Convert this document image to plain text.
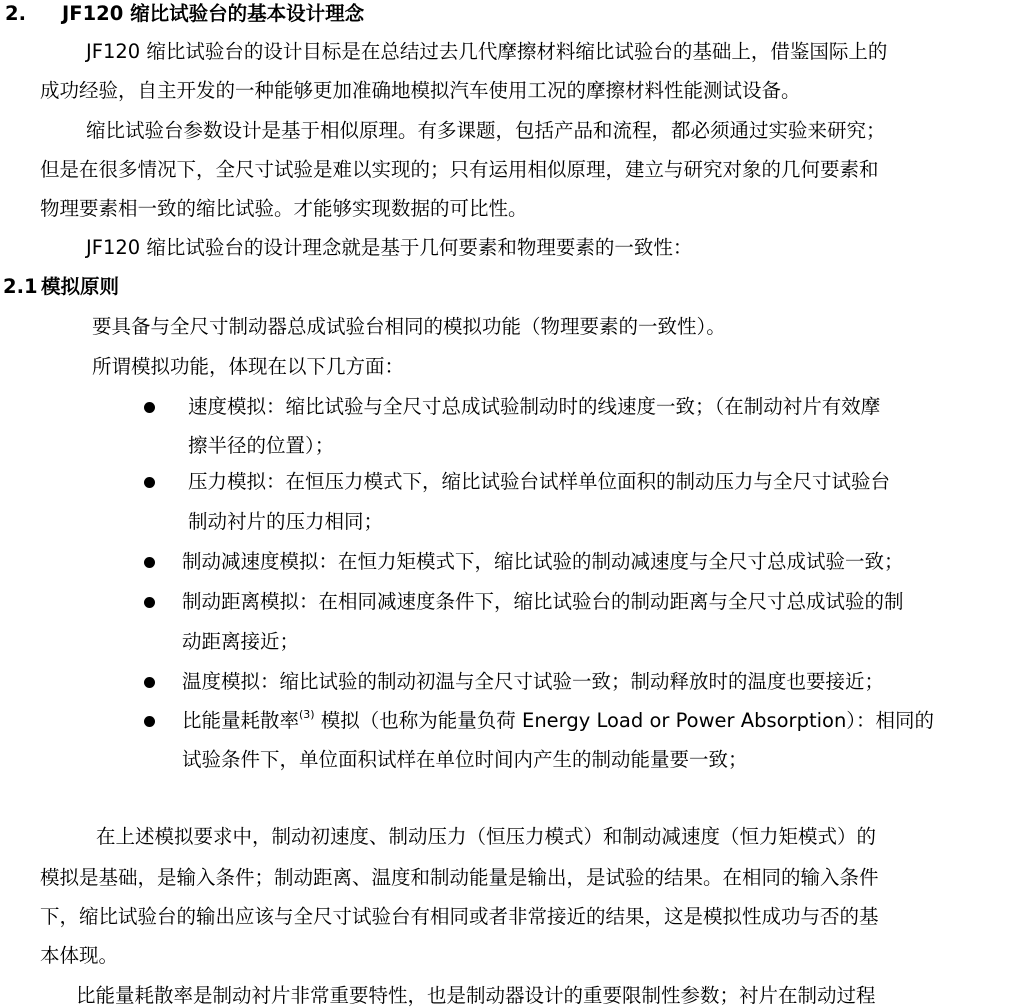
2. JF120 缩比试验台的基本设计理念
JF120 缩比试验台的设计目标是在总结过去几代摩擦材料缩比试验台的基础上，借鉴国际上的
成功经验，自主开发的一种能够更加准确地模拟汽车使用工况的摩擦材料性能测试设备。
缩比试验台参数设计是基于相似原理。有多课题，包括产品和流程，都必须通过实验来研究；
但是在很多情况下，全尺寸试验是难以实现的；只有运用相似原理，建立与研究对象的几何要素和
物理要素相一致的缩比试验。才能够实现数据的可比性。
JF120 缩比试验台的设计理念就是基于几何要素和物理要素的一致性：
2.1 模拟原则
要具备与全尺寸制动器总成试验台相同的模拟功能（物理要素的一致性）。
所谓模拟功能，体现在以下几方面：
速度模拟：缩比试验与全尺寸总成试验制动时的线速度一致；（在制动衬片有效摩
擦半径的位置）；
压力模拟：在恒压力模式下，缩比试验台试样单位面积的制动压力与全尺寸试验台
制动衬片的压力相同；
制动减速度模拟：在恒力矩模式下，缩比试验的制动减速度与全尺寸总成试验一致；
制动距离模拟：在相同减速度条件下，缩比试验台的制动距离与全尺寸总成试验的制
动距离接近；
温度模拟：缩比试验的制动初温与全尺寸试验一致；制动释放时的温度也要接近；
比能量耗散率$^{(3)}$ 模拟（也称为能量负荷 Energy Load or Power Absorption）：相同的
试验条件下，单位面积试样在单位时间内产生的制动能量要一致；
在上述模拟要求中，制动初速度、制动压力（恒压力模式）和制动减速度（恒力矩模式）的
模拟是基础，是输入条件；制动距离、温度和制动能量是输出，是试验的结果。在相同的输入条件
下，缩比试验台的输出应该与全尺寸试验台有相同或者非常接近的结果，这是模拟性成功与否的基
本体现。
比能量耗散率是制动衬片非常重要特性，也是制动器设计的重要限制性参数；衬片在制动过程
